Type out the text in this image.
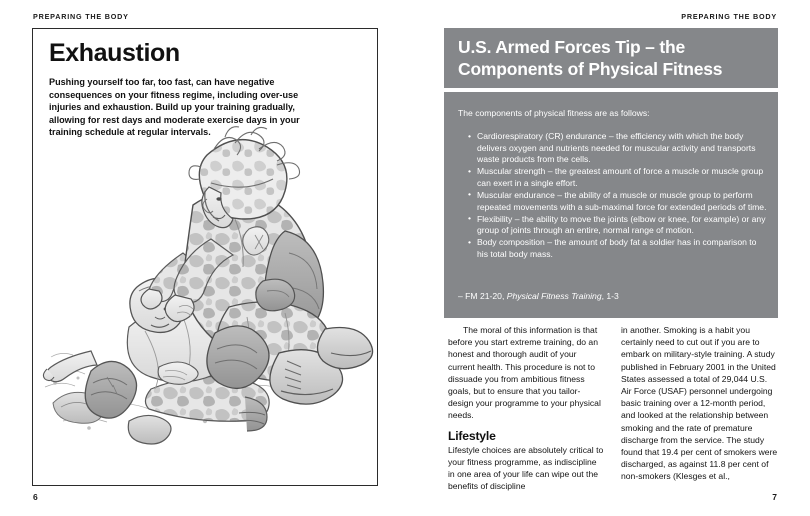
PREPARING THE BODY	PREPARING THE BODY
Exhaustion
Pushing yourself too far, too fast, can have negative consequences on your fitness regime, including over-use injuries and exhaustion. Build up your training gradually, allowing for rest days and moderate exercise days in your training schedule at regular intervals.
6
U.S. Armed Forces Tip – the Components of Physical Fitness
The components of physical fitness are as follows:
• Cardiorespiratory (CR) endurance – the efficiency with which the body delivers oxygen and nutrients needed for muscular activity and transports waste products from the cells.
• Muscular strength – the greatest amount of force a muscle or muscle group can exert in a single effort.
• Muscular endurance – the ability of a muscle or muscle group to perform repeated movements with a sub-maximal force for extended periods of time.
• Flexibility – the ability to move the joints (elbow or knee, for example) or any group of joints through an entire, normal range of motion.
• Body composition – the amount of body fat a soldier has in comparison to his total body mass.
– FM 21-20, Physical Fitness Training, 1-3

The moral of this information is that before you start extreme training, do an honest and thorough audit of your current health. This procedure is not to dissuade you from ambitious fitness goals, but to ensure that you tailor-design your programme to your physical needs.

Lifestyle

Lifestyle choices are absolutely critical to your fitness programme, as indiscipline in one area of your life can wipe out the benefits of discipline

in another. Smoking is a habit you certainly need to cut out if you are to embark on military-style training. A study published in February 2001 in the United States assessed a total of 29,044 U.S. Air Force (USAF) personnel undergoing basic training over a 12-month period, and looked at the relationship between smoking and the rate of premature discharge from the service. The study found that 19.4 per cent of smokers were discharged, as against 11.8 per cent of non-smokers (Klesges et al.,

7
